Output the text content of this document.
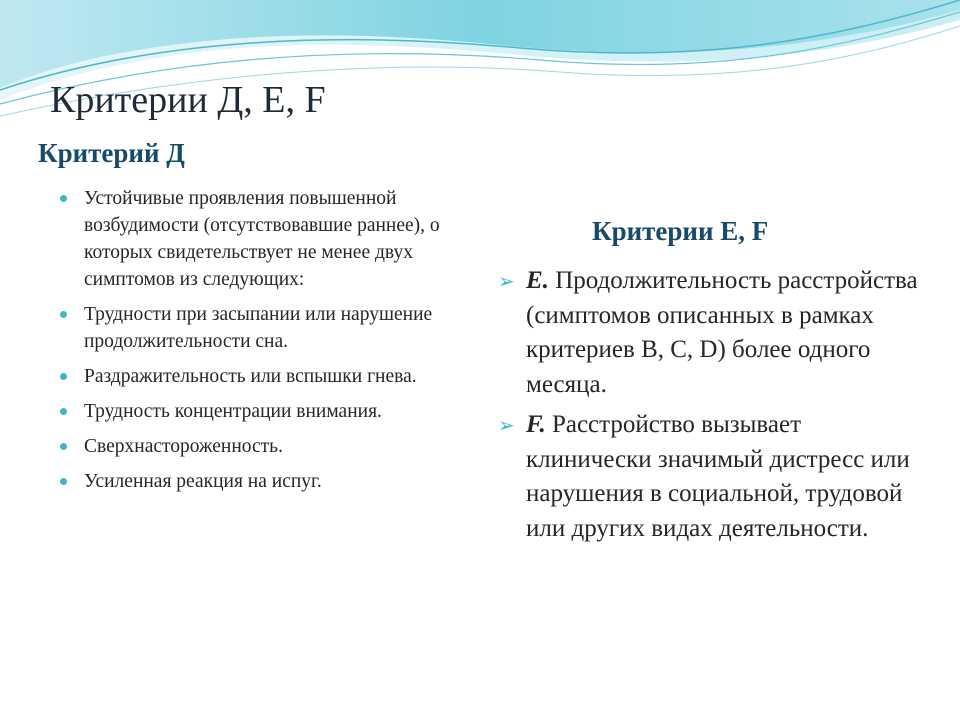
Критерии Д, E, F
Критерий Д
Устойчивые проявления повышенной возбудимости (отсутствовавшие раннее), о которых свидетельствует не менее двух симптомов из следующих:
Трудности при засыпании или нарушение продолжительности сна.
Раздражительность или вспышки гнева.
Трудность концентрации внимания.
Сверхнастороженность.
Усиленная реакция на испуг.
Критерии E, F
➢ E. Продолжительность расстройства (симптомов описанных в рамках критериев В, С, D) более одного месяца.
➢ F. Расстройство вызывает клинически значимый дистресс или нарушения в социальной, трудовой или других видах деятельности.
